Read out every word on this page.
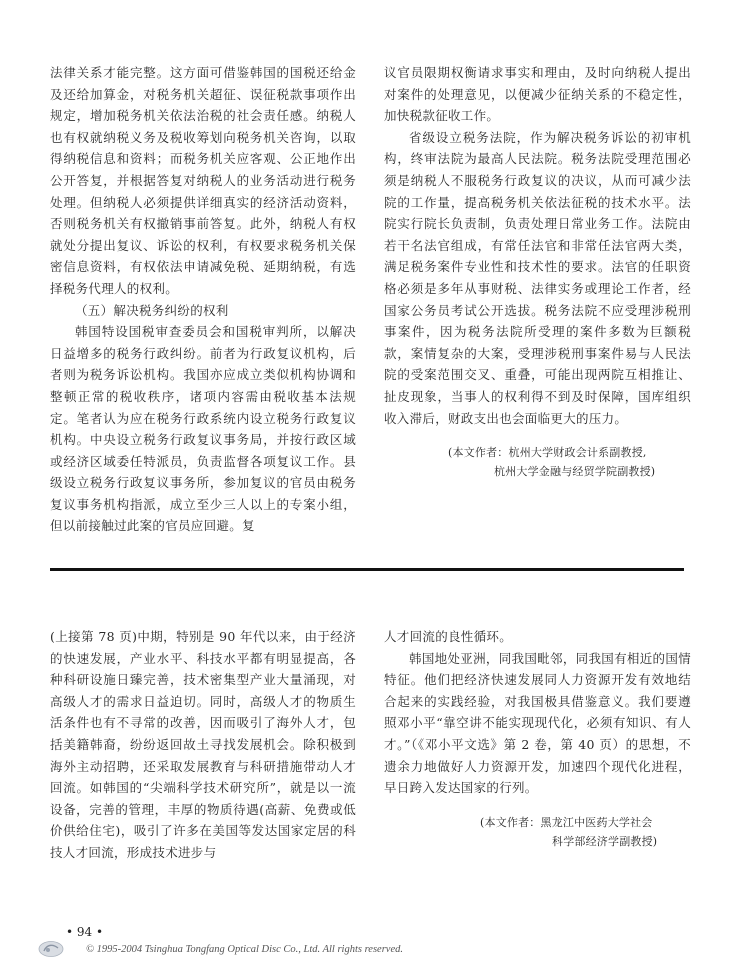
法律关系才能完整。这方面可借鉴韩国的国税还给金及还给加算金，对税务机关超征、误征税款事项作出规定，增加税务机关依法治税的社会责任感。纳税人也有权就纳税义务及税收筹划向税务机关咨询，以取得纳税信息和资料；而税务机关应客观、公正地作出公开答复，并根据答复对纳税人的业务活动进行税务处理。但纳税人必须提供详细真实的经济活动资料，否则税务机关有权撤销事前答复。此外，纳税人有权就处分提出复议、诉讼的权利，有权要求税务机关保密信息资料，有权依法申请减免税、延期纳税，有选择税务代理人的权利。

（五）解决税务纠纷的权利

韩国特设国税审查委员会和国税审判所，以解决日益增多的税务行政纠纷。前者为行政复议机构，后者则为税务诉讼机构。我国亦应成立类似机构协调和整顿正常的税收秩序，诸项内容需由税收基本法规定。笔者认为应在税务行政系统内设立税务行政复议机构。中央设立税务行政复议事务局，并按行政区域或经济区域委任特派员，负责监督各项复议工作。县级设立税务行政复议事务所，参加复议的官员由税务复议事务机构指派，成立至少三人以上的专案小组，但以前接触过此案的官员应回避。复

议官员限期权衡请求事实和理由，及时向纳税人提出对案件的处理意见，以便减少征纳关系的不稳定性，加快税款征收工作。

省级设立税务法院，作为解决税务诉讼的初审机构，终审法院为最高人民法院。税务法院受理范围必须是纳税人不服税务行政复议的决议，从而可减少法院的工作量，提高税务机关依法征税的技术水平。法院实行院长负责制，负责处理日常业务工作。法院由若干名法官组成，有常任法官和非常任法官两大类，满足税务案件专业性和技术性的要求。法官的任职资格必须是多年从事财税、法律实务或理论工作者，经国家公务员考试公开选拔。税务法院不应受理涉税刑事案件，因为税务法院所受理的案件多数为巨额税款，案情复杂的大案，受理涉税刑事案件易与人民法院的受案范围交叉、重叠，可能出现两院互相推让、扯皮现象，当事人的权利得不到及时保障，国库组织收入滞后，财政支出也会面临更大的压力。

(本文作者：杭州大学财政会计系副教授,
杭州大学金融与经贸学院副教授)

(上接第 78 页)中期，特别是 90 年代以来，由于经济的快速发展，产业水平、科技水平都有明显提高，各种科研设施日臻完善，技术密集型产业大量涌现，对高级人才的需求日益迫切。同时，高级人才的物质生活条件也有不寻常的改善，因而吸引了海外人才，包括美籍韩裔，纷纷返回故土寻找发展机会。除积极到海外主动招聘，还采取发展教育与科研措施带动人才回流。如韩国的“尖端科学技术研究所”，就是以一流设备，完善的管理，丰厚的物质待遇(高薪、免费或低价供给住宅)，吸引了许多在美国等发达国家定居的科技人才回流，形成技术进步与

人才回流的良性循环。

韩国地处亚洲，同我国毗邻，同我国有相近的国情特征。他们把经济快速发展同人力资源开发有效地结合起来的实践经验，对我国极具借鉴意义。我们要遵照邓小平“靠空讲不能实现现代化，必须有知识、有人才。”（《邓小平文选》第 2 卷，第 40 页）的思想，不遗余力地做好人力资源开发，加速四个现代化进程，早日跨入发达国家的行列。

(本文作者：黑龙江中医药大学社会
科学部经济学副教授)
• 94 •
© 1995-2004 Tsinghua Tongfang Optical Disc Co., Ltd. All rights reserved.
